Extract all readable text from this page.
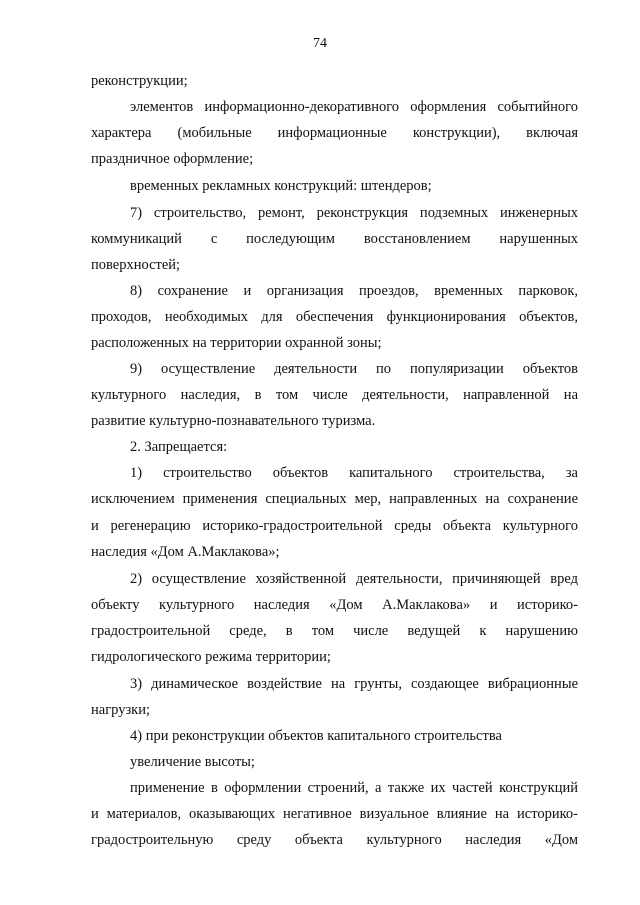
74
реконструкции;
элементов информационно-декоративного оформления событийного
характера (мобильные информационные конструкции), включая
праздничное оформление;
временных рекламных конструкций: штендеров;
7) строительство, ремонт, реконструкция подземных инженерных
коммуникаций с последующим восстановлением нарушенных
поверхностей;
8) сохранение и организация проездов, временных парковок,
проходов, необходимых для обеспечения функционирования объектов,
расположенных на территории охранной зоны;
9) осуществление деятельности по популяризации объектов
культурного наследия, в том числе деятельности, направленной на
развитие культурно-познавательного туризма.
2. Запрещается:
1) строительство объектов капитального строительства, за
исключением применения специальных мер, направленных на сохранение
и регенерацию историко-градостроительной среды объекта культурного
наследия «Дом А.Маклакова»;
2) осуществление хозяйственной деятельности, причиняющей вред
объекту культурного наследия «Дом А.Маклакова» и историко-
градостроительной среде, в том числе ведущей к нарушению
гидрологического режима территории;
3) динамическое воздействие на грунты, создающее вибрационные
нагрузки;
4) при реконструкции объектов капитального строительства
увеличение высоты;
применение в оформлении строений, а также их частей конструкций
и материалов, оказывающих негативное визуальное влияние на историко-
градостроительную среду объекта культурного наследия «Дом
